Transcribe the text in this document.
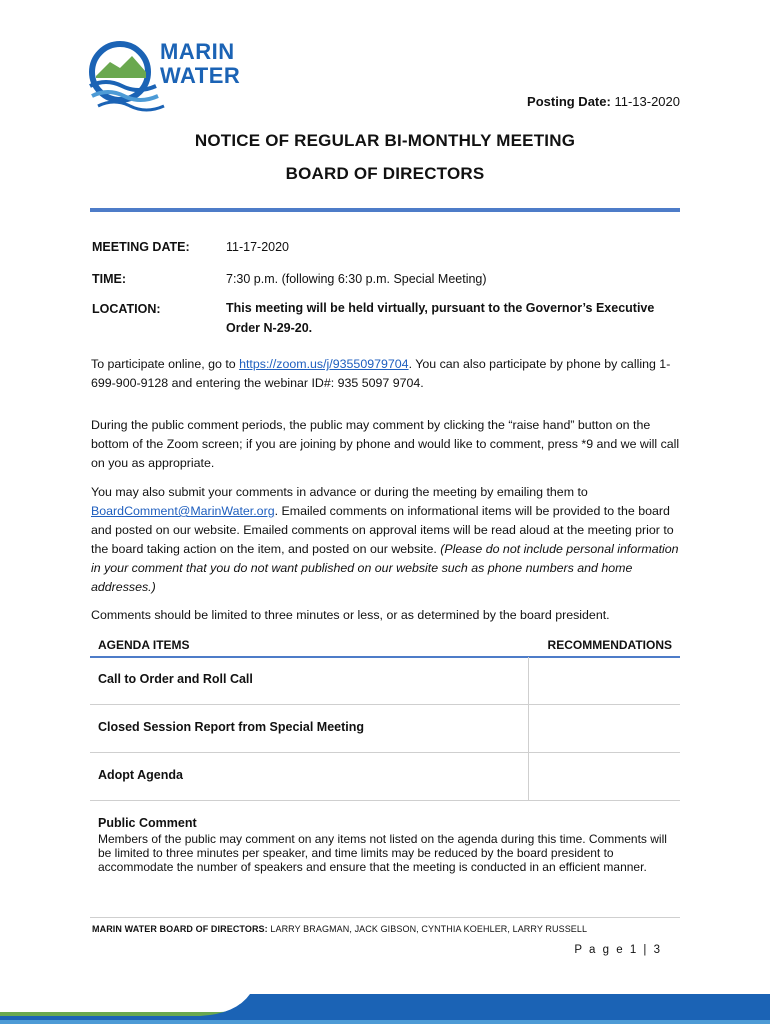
MARIN
WATER
Posting Date: 11-13-2020
NOTICE OF REGULAR BI-MONTHLY MEETING
BOARD OF DIRECTORS
MEETING DATE:	11-17-2020
TIME:	7:30 p.m. (following 6:30 p.m. Special Meeting)
LOCATION:	This meeting will be held virtually, pursuant to the Governor’s Executive Order N-29-20.
To participate online, go to https://zoom.us/j/93550979704. You can also participate by phone by calling 1-699-900-9128 and entering the webinar ID#: 935 5097 9704.
During the public comment periods, the public may comment by clicking the “raise hand” button on the bottom of the Zoom screen; if you are joining by phone and would like to comment, press *9 and we will call on you as appropriate.
You may also submit your comments in advance or during the meeting by emailing them to BoardComment@MarinWater.org. Emailed comments on informational items will be provided to the board and posted on our website. Emailed comments on approval items will be read aloud at the meeting prior to the board taking action on the item, and posted on our website. (Please do not include personal information in your comment that you do not want published on our website such as phone numbers and home addresses.)
Comments should be limited to three minutes or less, or as determined by the board president.
AGENDA ITEMS	RECOMMENDATIONS
Call to Order and Roll Call
Closed Session Report from Special Meeting
Adopt Agenda
Public Comment
Members of the public may comment on any items not listed on the agenda during this time. Comments will be limited to three minutes per speaker, and time limits may be reduced by the board president to accommodate the number of speakers and ensure that the meeting is conducted in an efficient manner.
MARIN WATER BOARD OF DIRECTORS: LARRY BRAGMAN, JACK GIBSON, CYNTHIA KOEHLER, LARRY RUSSELL
P a g e 1 | 3
